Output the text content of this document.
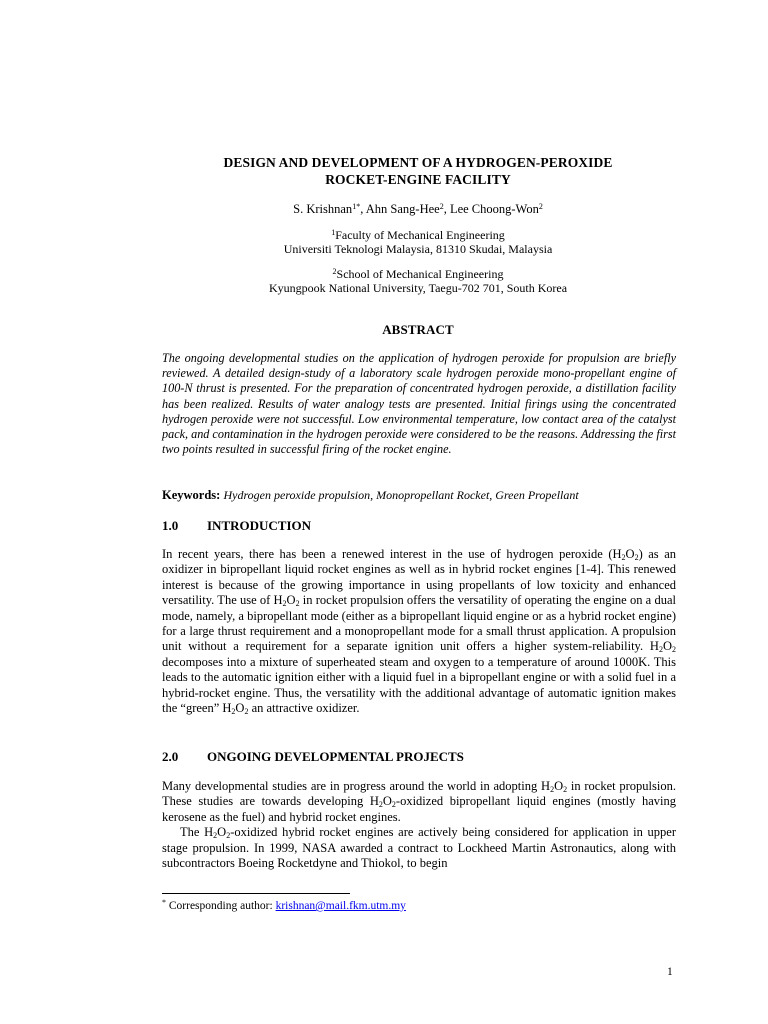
DESIGN AND DEVELOPMENT OF A HYDROGEN-PEROXIDE
ROCKET-ENGINE FACILITY
S. Krishnan$^{1*}$, Ahn Sang-Hee$^2$, Lee Choong-Won$^2$
$^1$Faculty of Mechanical Engineering
Universiti Teknologi Malaysia, 81310 Skudai, Malaysia
$^2$School of Mechanical Engineering
Kyungpook National University, Taegu-702 701, South Korea
ABSTRACT
The ongoing developmental studies on the application of hydrogen peroxide for propulsion are briefly reviewed. A detailed design-study of a laboratory scale hydrogen peroxide mono-propellant engine of 100-N thrust is presented. For the preparation of concentrated hydrogen peroxide, a distillation facility has been realized. Results of water analogy tests are presented. Initial firings using the concentrated hydrogen peroxide were not successful. Low environmental temperature, low contact area of the catalyst pack, and contamination in the hydrogen peroxide were considered to be the reasons. Addressing the first two points resulted in successful firing of the rocket engine.
Keywords: Hydrogen peroxide propulsion, Monopropellant Rocket, Green Propellant
1.0 INTRODUCTION
In recent years, there has been a renewed interest in the use of hydrogen peroxide $(H_2O_2)$ as an oxidizer in bipropellant liquid rocket engines as well as in hybrid rocket engines [1-4]. This renewed interest is because of the growing importance in using propellants of low toxicity and enhanced versatility. The use of $H_2O_2$ in rocket propulsion offers the versatility of operating the engine on a dual mode, namely, a bipropellant mode (either as a bipropellant liquid engine or as a hybrid rocket engine) for a large thrust requirement and a monopropellant mode for a small thrust application. A propulsion unit without a requirement for a separate ignition unit offers a higher system-reliability. $H_2O_2$ decomposes into a mixture of superheated steam and oxygen to a temperature of around 1000K. This leads to the automatic ignition either with a liquid fuel in a bipropellant engine or with a solid fuel in a hybrid-rocket engine. Thus, the versatility with the additional advantage of automatic ignition makes the “green” $H_2O_2$ an attractive oxidizer.
2.0 ONGOING DEVELOPMENTAL PROJECTS
Many developmental studies are in progress around the world in adopting $H_2O_2$ in rocket propulsion. These studies are towards developing $H_2O_2$-oxidized bipropellant liquid engines (mostly having kerosene as the fuel) and hybrid rocket engines.
The $H_2O_2$-oxidized hybrid rocket engines are actively being considered for application in upper stage propulsion. In 1999, NASA awarded a contract to Lockheed Martin Astronautics, along with subcontractors Boeing Rocketdyne and Thiokol, to begin
* Corresponding author: krishnan@mail.fkm.utm.my
1
